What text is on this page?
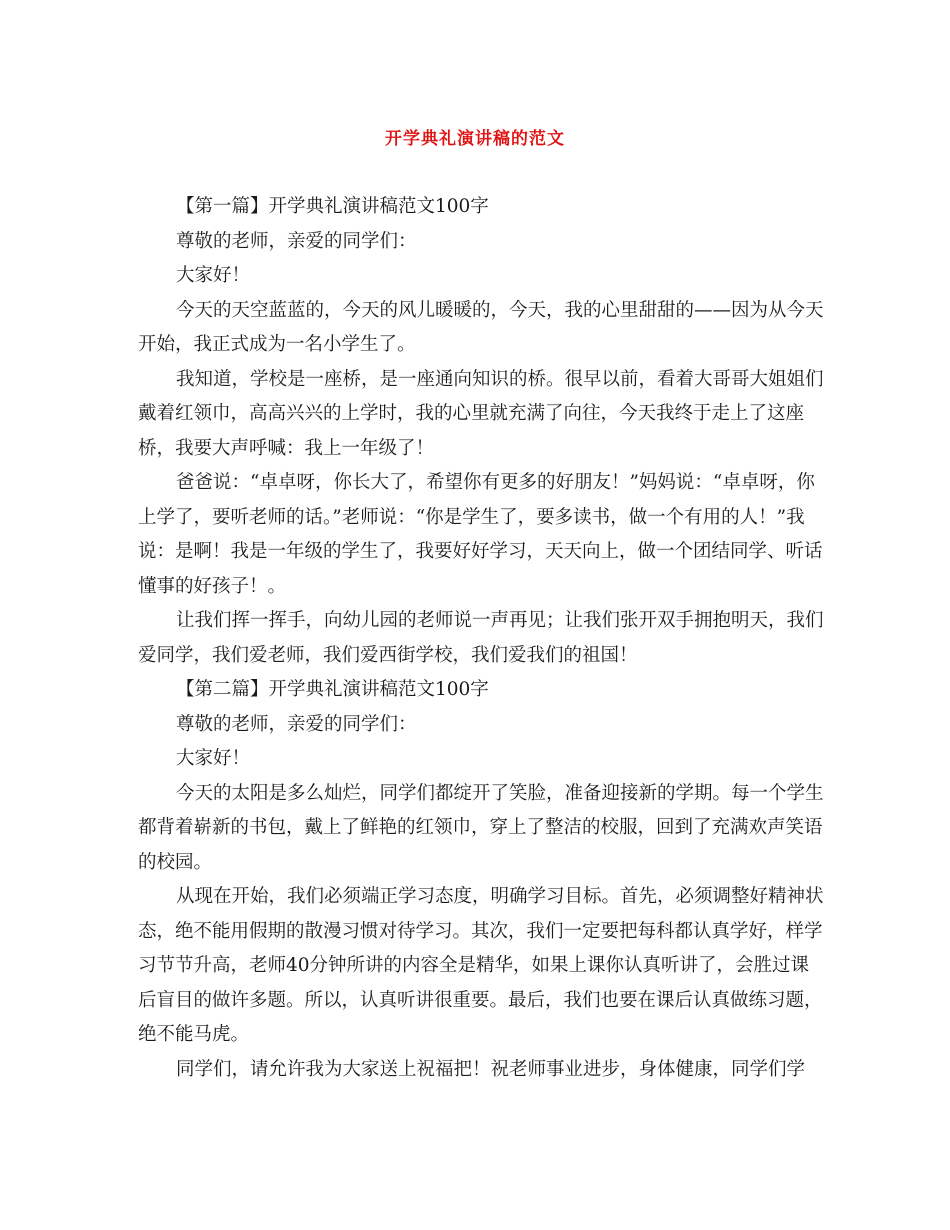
开学典礼演讲稿的范文

【第一篇】开学典礼演讲稿范文100字

尊敬的老师，亲爱的同学们：

大家好！

今天的天空蓝蓝的，今天的风儿暖暖的，今天，我的心里甜甜的——因为从今天开始，我正式成为一名小学生了。

我知道，学校是一座桥，是一座通向知识的桥。很早以前，看着大哥哥大姐姐们戴着红领巾，高高兴兴的上学时，我的心里就充满了向往，今天我终于走上了这座桥，我要大声呼喊：我上一年级了！

爸爸说：“卓卓呀，你长大了，希望你有更多的好朋友！”妈妈说：“卓卓呀，你上学了，要听老师的话。”老师说：“你是学生了，要多读书，做一个有用的人！”我说：是啊！我是一年级的学生了，我要好好学习，天天向上，做一个团结同学、听话懂事的好孩子！。

让我们挥一挥手，向幼儿园的老师说一声再见；让我们张开双手拥抱明天，我们爱同学，我们爱老师，我们爱西街学校，我们爱我们的祖国！

【第二篇】开学典礼演讲稿范文100字

尊敬的老师，亲爱的同学们：

大家好！

今天的太阳是多么灿烂，同学们都绽开了笑脸，准备迎接新的学期。每一个学生都背着崭新的书包，戴上了鲜艳的红领巾，穿上了整洁的校服，回到了充满欢声笑语的校园。

从现在开始，我们必须端正学习态度，明确学习目标。首先，必须调整好精神状态，绝不能用假期的散漫习惯对待学习。其次，我们一定要把每科都认真学好，样学习节节升高，老师40分钟所讲的内容全是精华，如果上课你认真听讲了，会胜过课后盲目的做许多题。所以，认真听讲很重要。最后，我们也要在课后认真做练习题，绝不能马虎。

同学们，请允许我为大家送上祝福把！祝老师事业进步，身体健康，同学们学
